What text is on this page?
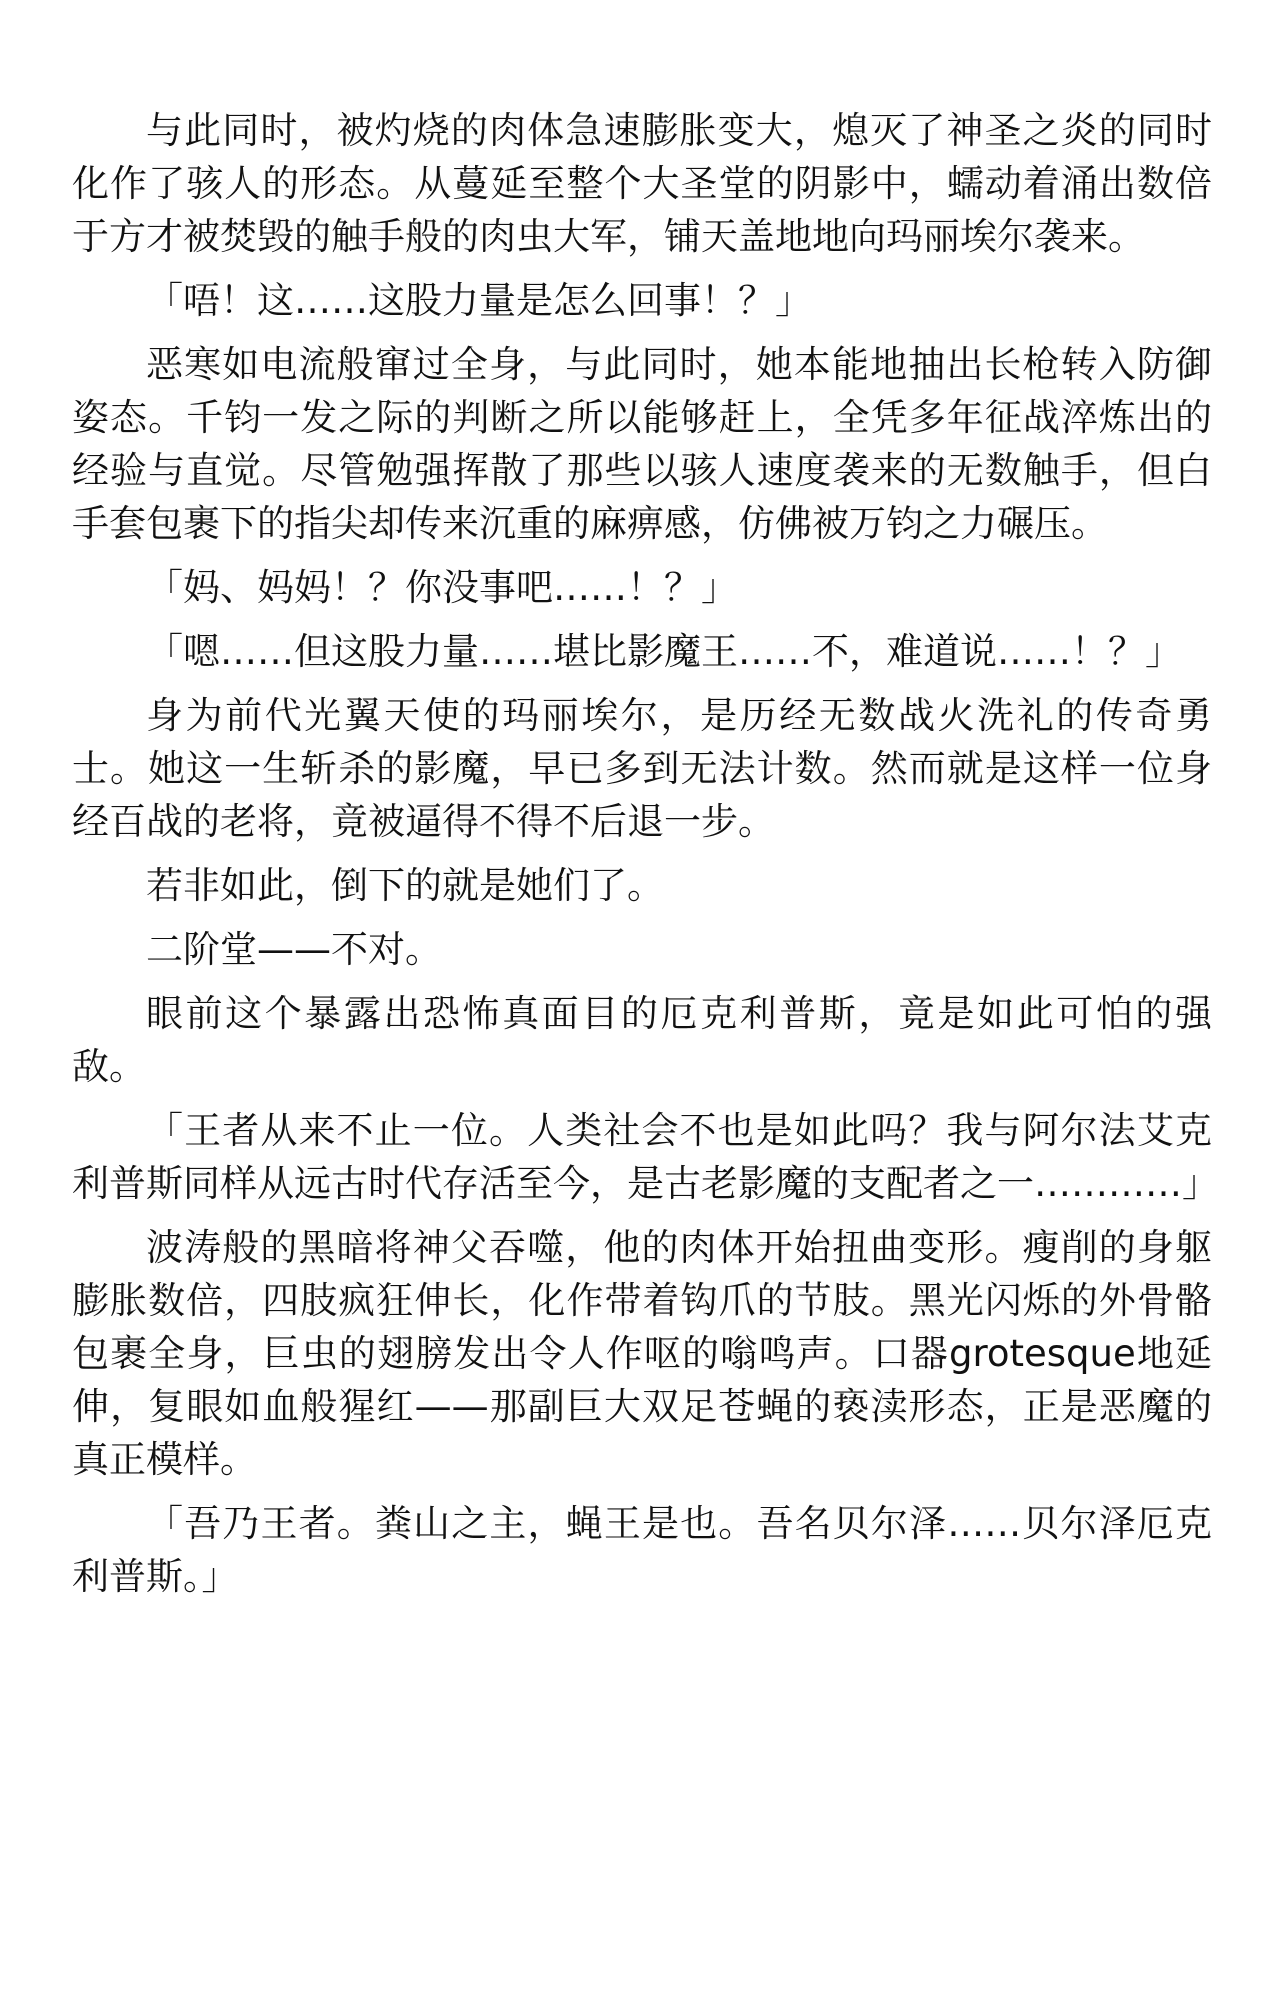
与此同时，被灼烧的肉体急速膨胀变大，熄灭了神圣之炎的同时化作了骇人的形态。从蔓延至整个大圣堂的阴影中，蠕动着涌出数倍于方才被焚毁的触手般的肉虫大军，铺天盖地地向玛丽埃尔袭来。

「唔！这……这股力量是怎么回事！？」

恶寒如电流般窜过全身，与此同时，她本能地抽出长枪转入防御姿态。千钧一发之际的判断之所以能够赶上，全凭多年征战淬炼出的经验与直觉。尽管勉强挥散了那些以骇人速度袭来的无数触手，但白手套包裹下的指尖却传来沉重的麻痹感，仿佛被万钧之力碾压。

「妈、妈妈！？你没事吧……！？」

「嗯……但这股力量……堪比影魔王……不，难道说……！？」

身为前代光翼天使的玛丽埃尔，是历经无数战火洗礼的传奇勇士。她这一生斩杀的影魔，早已多到无法计数。然而就是这样一位身经百战的老将，竟被逼得不得不后退一步。

若非如此，倒下的就是她们了。

二阶堂——不对。

眼前这个暴露出恐怖真面目的厄克利普斯，竟是如此可怕的强敌。

「王者从来不止一位。人类社会不也是如此吗？我与阿尔法艾克利普斯同样从远古时代存活至今，是古老影魔的支配者之一…………」

波涛般的黑暗将神父吞噬，他的肉体开始扭曲变形。瘦削的身躯膨胀数倍，四肢疯狂伸长，化作带着钩爪的节肢。黑光闪烁的外骨骼包裹全身，巨虫的翅膀发出令人作呕的嗡鸣声。口器grotesque地延伸，复眼如血般猩红——那副巨大双足苍蝇的亵渎形态，正是恶魔的真正模样。

「吾乃王者。粪山之主，蝇王是也。吾名贝尔泽……贝尔泽厄克利普斯。」
